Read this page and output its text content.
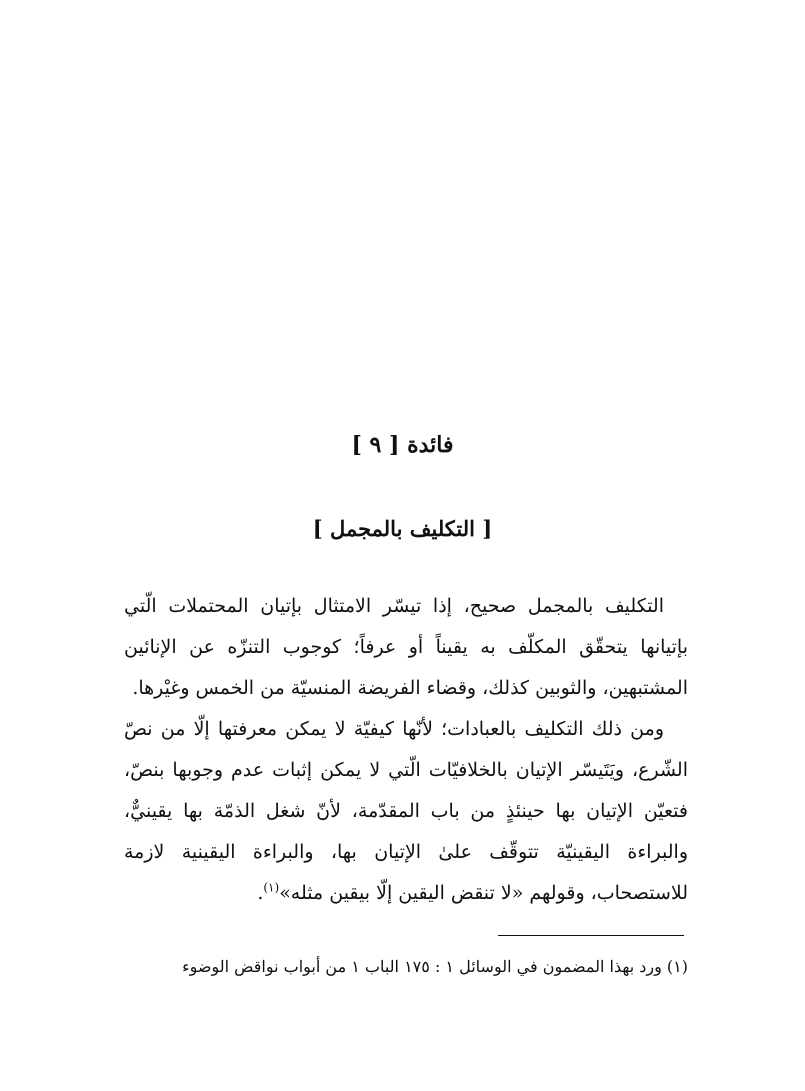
فائدة [ ٩ ]
[ التكليف بالمجمل ]

التكليف بالمجمل صحيح، إذا تيسّر الامتثال بإتيان المحتملات الّتي بإتيانها يتحقّق المكلّف به يقيناً أو عرفاً؛ كوجوب التنزّه عن الإنائين المشتبهين، والثوبين كذلك، وقضاء الفريضة المنسيّة من الخمس وغيْرها.

ومن ذلك التكليف بالعبادات؛ لأنّها كيفيّة لا يمكن معرفتها إلّا من نصّ الشّرع، ويَتَيسّر الإتيان بالخلافيّات الّتي لا يمكن إثبات عدم وجوبها بنصّ، فتعيّن الإتيان بها حينئذٍ من باب المقدّمة، لأنّ شغل الذمّة بها يقينيٌّ، والبراءة اليقينيّة تتوقّف علىٰ الإتيان بها، والبراءة اليقينية لازمة للاستصحاب، وقولهم «لا تنقض اليقين إلّا بيقين مثله»$^{(١)}$.

(١) ورد بهذا المضمون في الوسائل ١ : ١٧٥ الباب ١ من أبواب نواقض الوضوء
